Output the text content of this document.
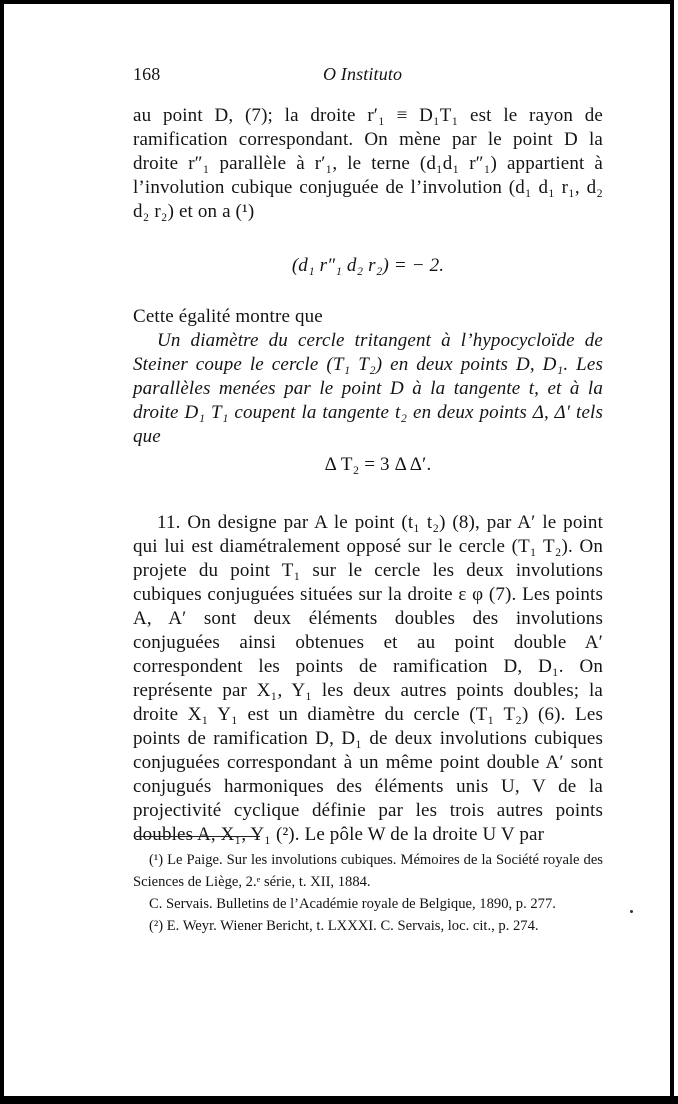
168	O Instituto

au point D, (7); la droite r′₁ ≡ D₁T₁ est le rayon de ramification correspondant. On mène par le point D la droite r″₁ parallèle à r′₁, le terne (d₁d₁ r″₁) appartient à l’involution cubique conjuguée de l’involution (d₁ d₁ r₁, d₂ d₂ r₂) et on a (¹)

(d₁ r″₁ d₂ r₂) = − 2.

Cette égalité montre que

Un diamètre du cercle tritangent à l’hypocycloïde de Steiner coupe le cercle (T₁ T₂) en deux points D, D₁. Les parallèles menées par le point D à la tangente t, et à la droite D₁ T₁ coupent la tangente t₂ en deux points Δ, Δ′ tels que

Δ T₂ = 3 Δ Δ′.

11. On designe par A le point (t₁ t₂) (8), par A′ le point qui lui est diamétralement opposé sur le cercle (T₁ T₂). On projete du point T₁ sur le cercle les deux involutions cubiques conjuguées situées sur la droite ε φ (7). Les points A, A′ sont deux éléments doubles des involutions conjuguées ainsi obtenues et au point double A′ correspondent les points de ramification D, D₁. On représente par X₁, Y₁ les deux autres points doubles; la droite X₁ Y₁ est un diamètre du cercle (T₁ T₂) (6). Les points de ramification D, D₁ de deux involutions cubiques conjuguées correspondant à un même point double A′ sont conjugués harmoniques des éléments unis U, V de la projectivité cyclique définie par les trois autres points doubles A, X₁, Y₁ (²). Le pôle W de la droite U V par

(¹) Le Paige. Sur les involutions cubiques. Mémoires de la Société royale des Sciences de Liège, 2.ᵉ série, t. XII, 1884.

C. Servais. Bulletins de l’Académie royale de Belgique, 1890, p. 277.

(²) E. Weyr. Wiener Bericht, t. LXXXI. C. Servais, loc. cit., p. 274.
